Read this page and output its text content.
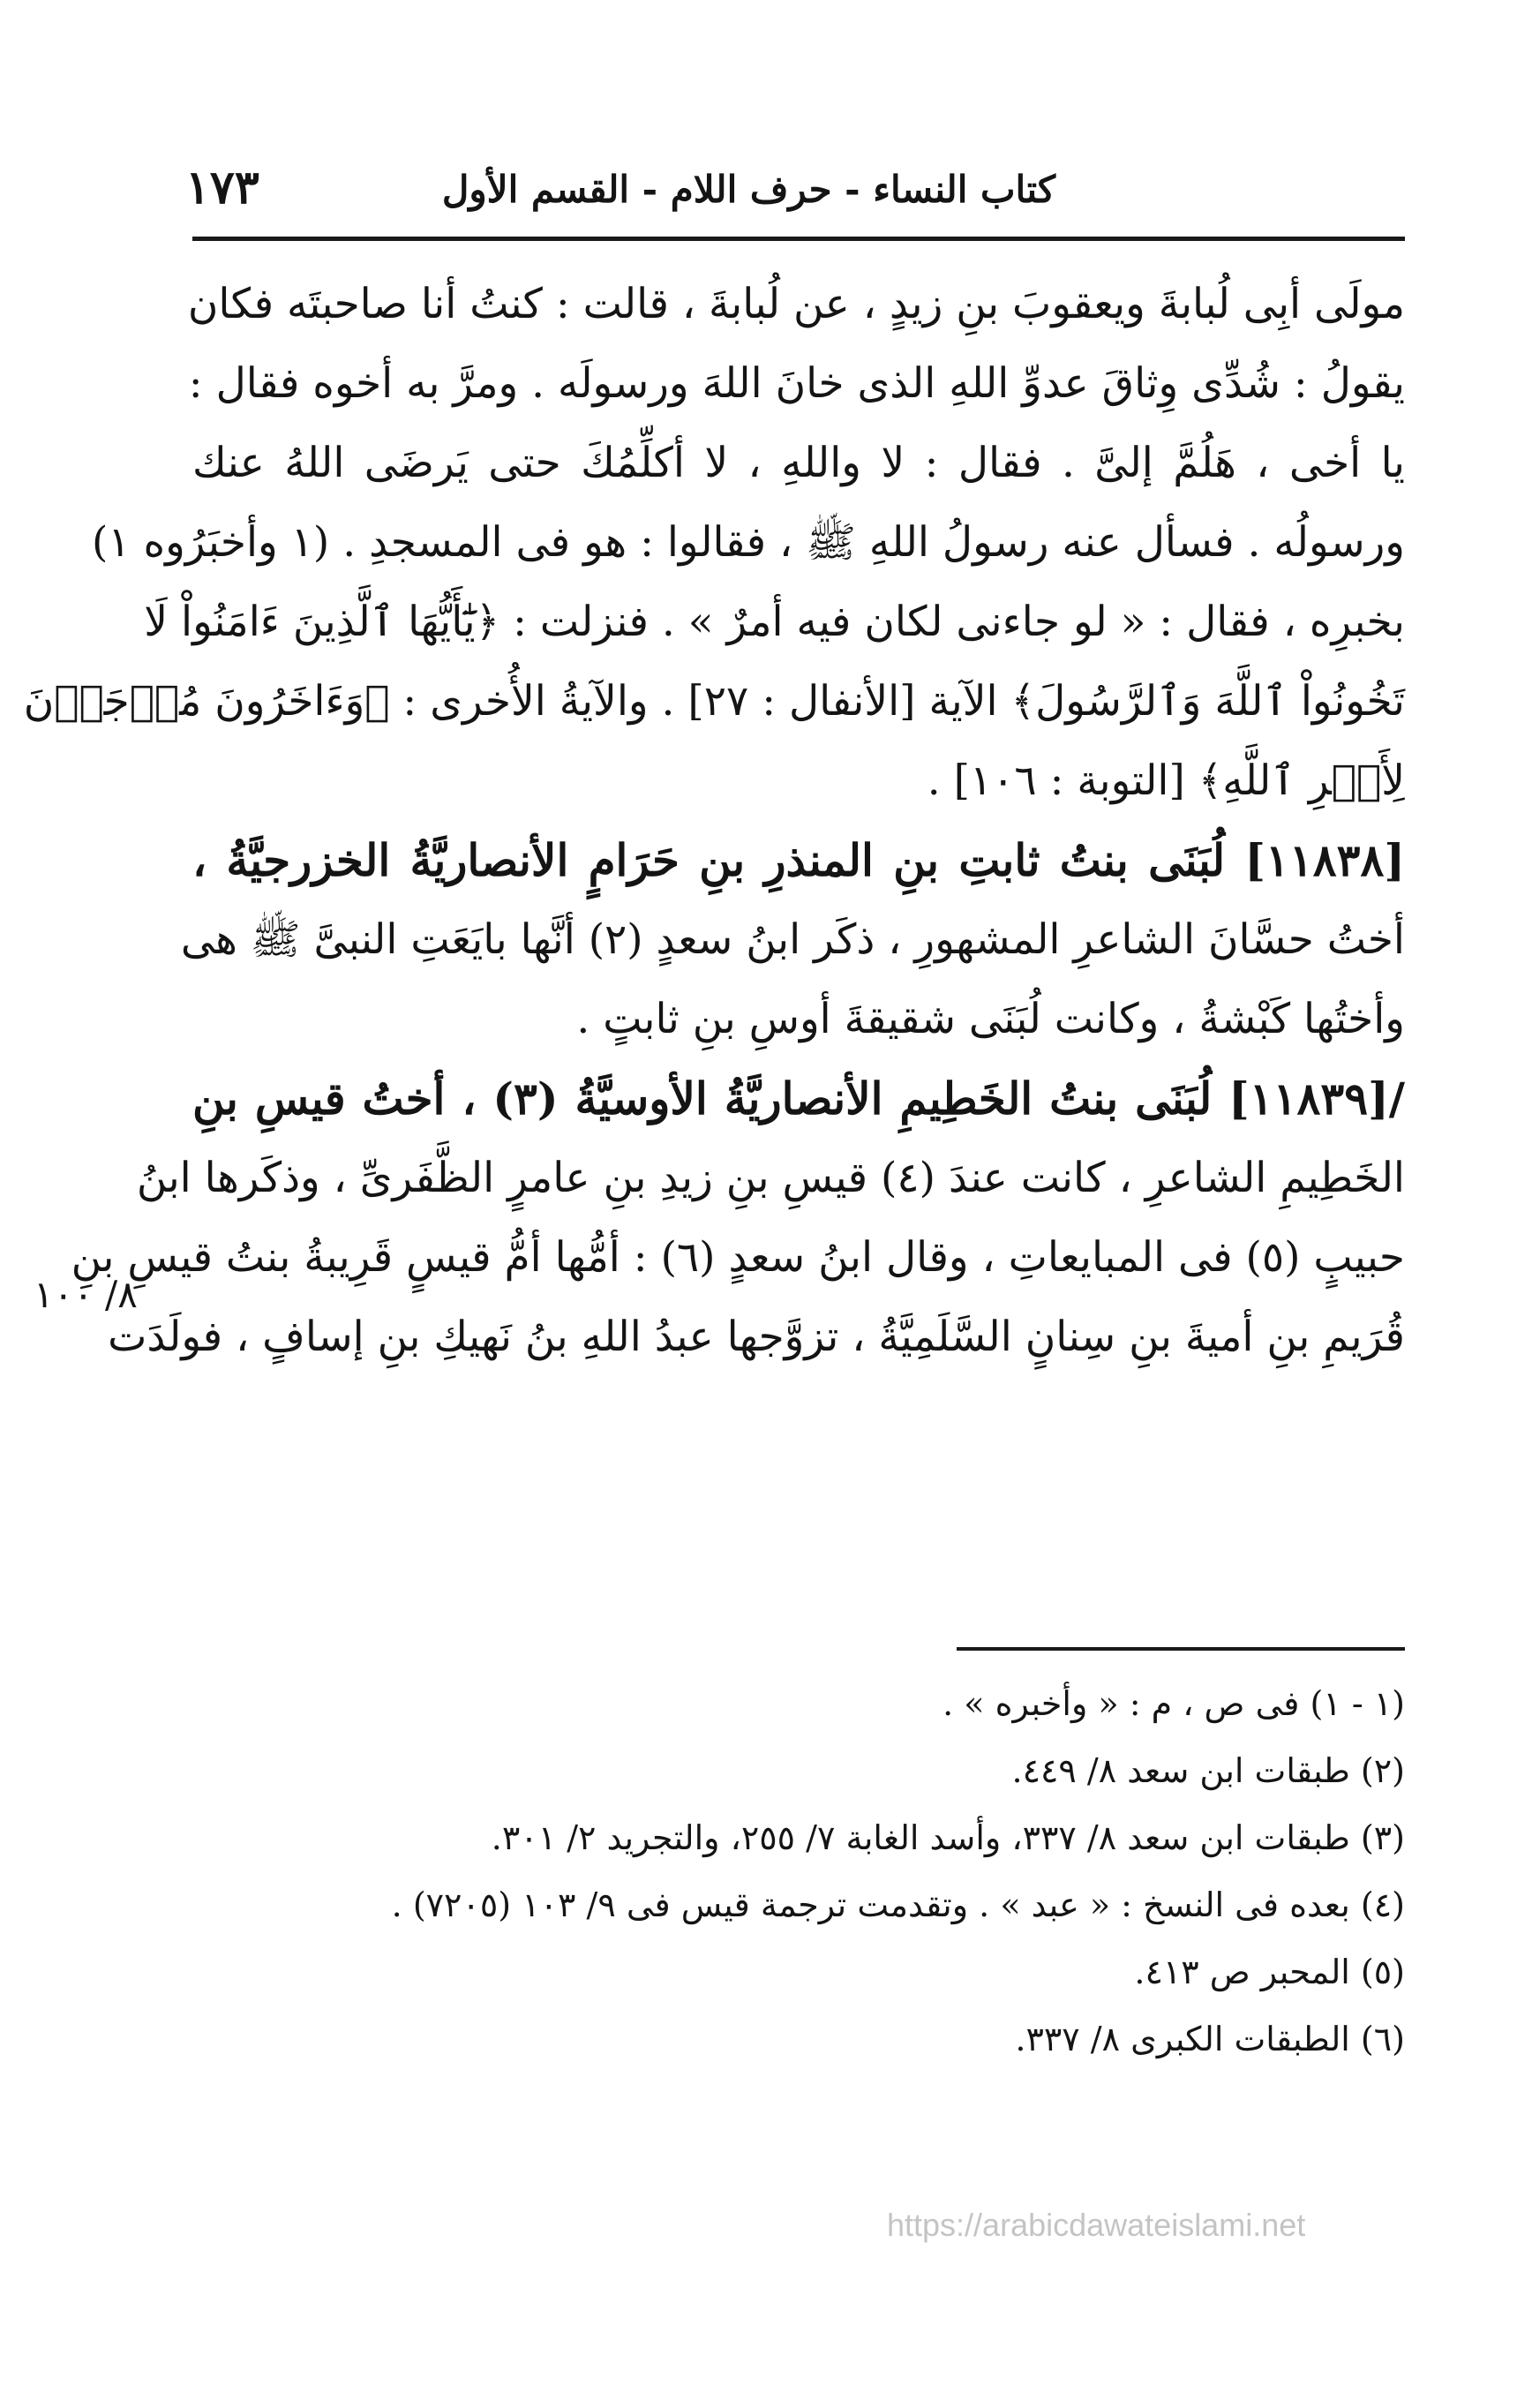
١٧٣	كتاب النساء - حرف اللام - القسم الأول
مولَى أبِى لُبابةَ ويعقوبَ بنِ زيدٍ ، عن لُبابةَ ، قالت : كنتُ أنا صاحبتَه فكان
يقولُ : شُدِّى وِثاقَ عدوِّ اللهِ الذى خانَ اللهَ ورسولَه . ومرَّ به أخوه فقال :
يا أخى ، هَلُمَّ إلىَّ . فقال : لا واللهِ ، لا أكلِّمُكَ حتى يَرضَى اللهُ عنك
ورسولُه . فسأل عنه رسولُ اللهِ ﷺ ، فقالوا : هو فى المسجدِ . (١ وأخبَرُوه ١)
بخبرِه ، فقال : « لو جاءنى لكان فيه أمرٌ » . فنزلت : ﴿يَٰٓأَيُّهَا ٱلَّذِينَ ءَامَنُواْ لَا
تَخُونُواْ ٱللَّهَ وَٱلرَّسُولَ﴾ الآية [الأنفال : ٢٧] . والآيةُ الأُخرى : ﴿وَءَاخَرُونَ مُرۡجَوۡنَ
لِأَمۡرِ ٱللَّهِ﴾ [التوبة : ١٠٦] .
[١١٨٣٨] لُبَنَى بنتُ ثابتِ بنِ المنذرِ بنِ حَرَامٍ الأنصاريَّةُ الخزرجيَّةُ ،
أختُ حسَّانَ الشاعرِ المشهورِ ، ذكَر ابنُ سعدٍ (٢) أنَّها بايَعَتِ النبىَّ ﷺ هى
وأختُها كَبْشةُ ، وكانت لُبَنَى شقيقةَ أوسِ بنِ ثابتٍ .
/[١١٨٣٩] لُبَنَى بنتُ الخَطِيمِ الأنصاريَّةُ الأوسيَّةُ (٣) ، أختُ قيسِ بنِ
الخَطِيمِ الشاعرِ ، كانت عندَ (٤) قيسِ بنِ زيدِ بنِ عامرٍ الظَّفَرىِّ ، وذكَرها ابنُ
حبيبٍ (٥) فى المبايعاتِ ، وقال ابنُ سعدٍ (٦) : أمُّها أمُّ قيسٍ قَرِيبةُ بنتُ قيسِ بنِ
قُرَيمِ بنِ أميةَ بنِ سِنانٍ السَّلَمِيَّةُ ، تزوَّجها عبدُ اللهِ بنُ نَهيكِ بنِ إسافٍ ، فولَدَت
٨/ ١٠٠
(١ - ١) فى ص ، م : « وأخبره » .
(٢) طبقات ابن سعد ٨/ ٤٤٩.
(٣) طبقات ابن سعد ٨/ ٣٣٧، وأسد الغابة ٧/ ٢٥٥، والتجريد ٢/ ٣٠١.
(٤) بعده فى النسخ : « عبد » . وتقدمت ترجمة قيس فى ٩/ ١٠٣ (٧٢٠٥) .
(٥) المحبر ص ٤١٣.
(٦) الطبقات الكبرى ٨/ ٣٣٧.
https://arabicdawateislami.net
